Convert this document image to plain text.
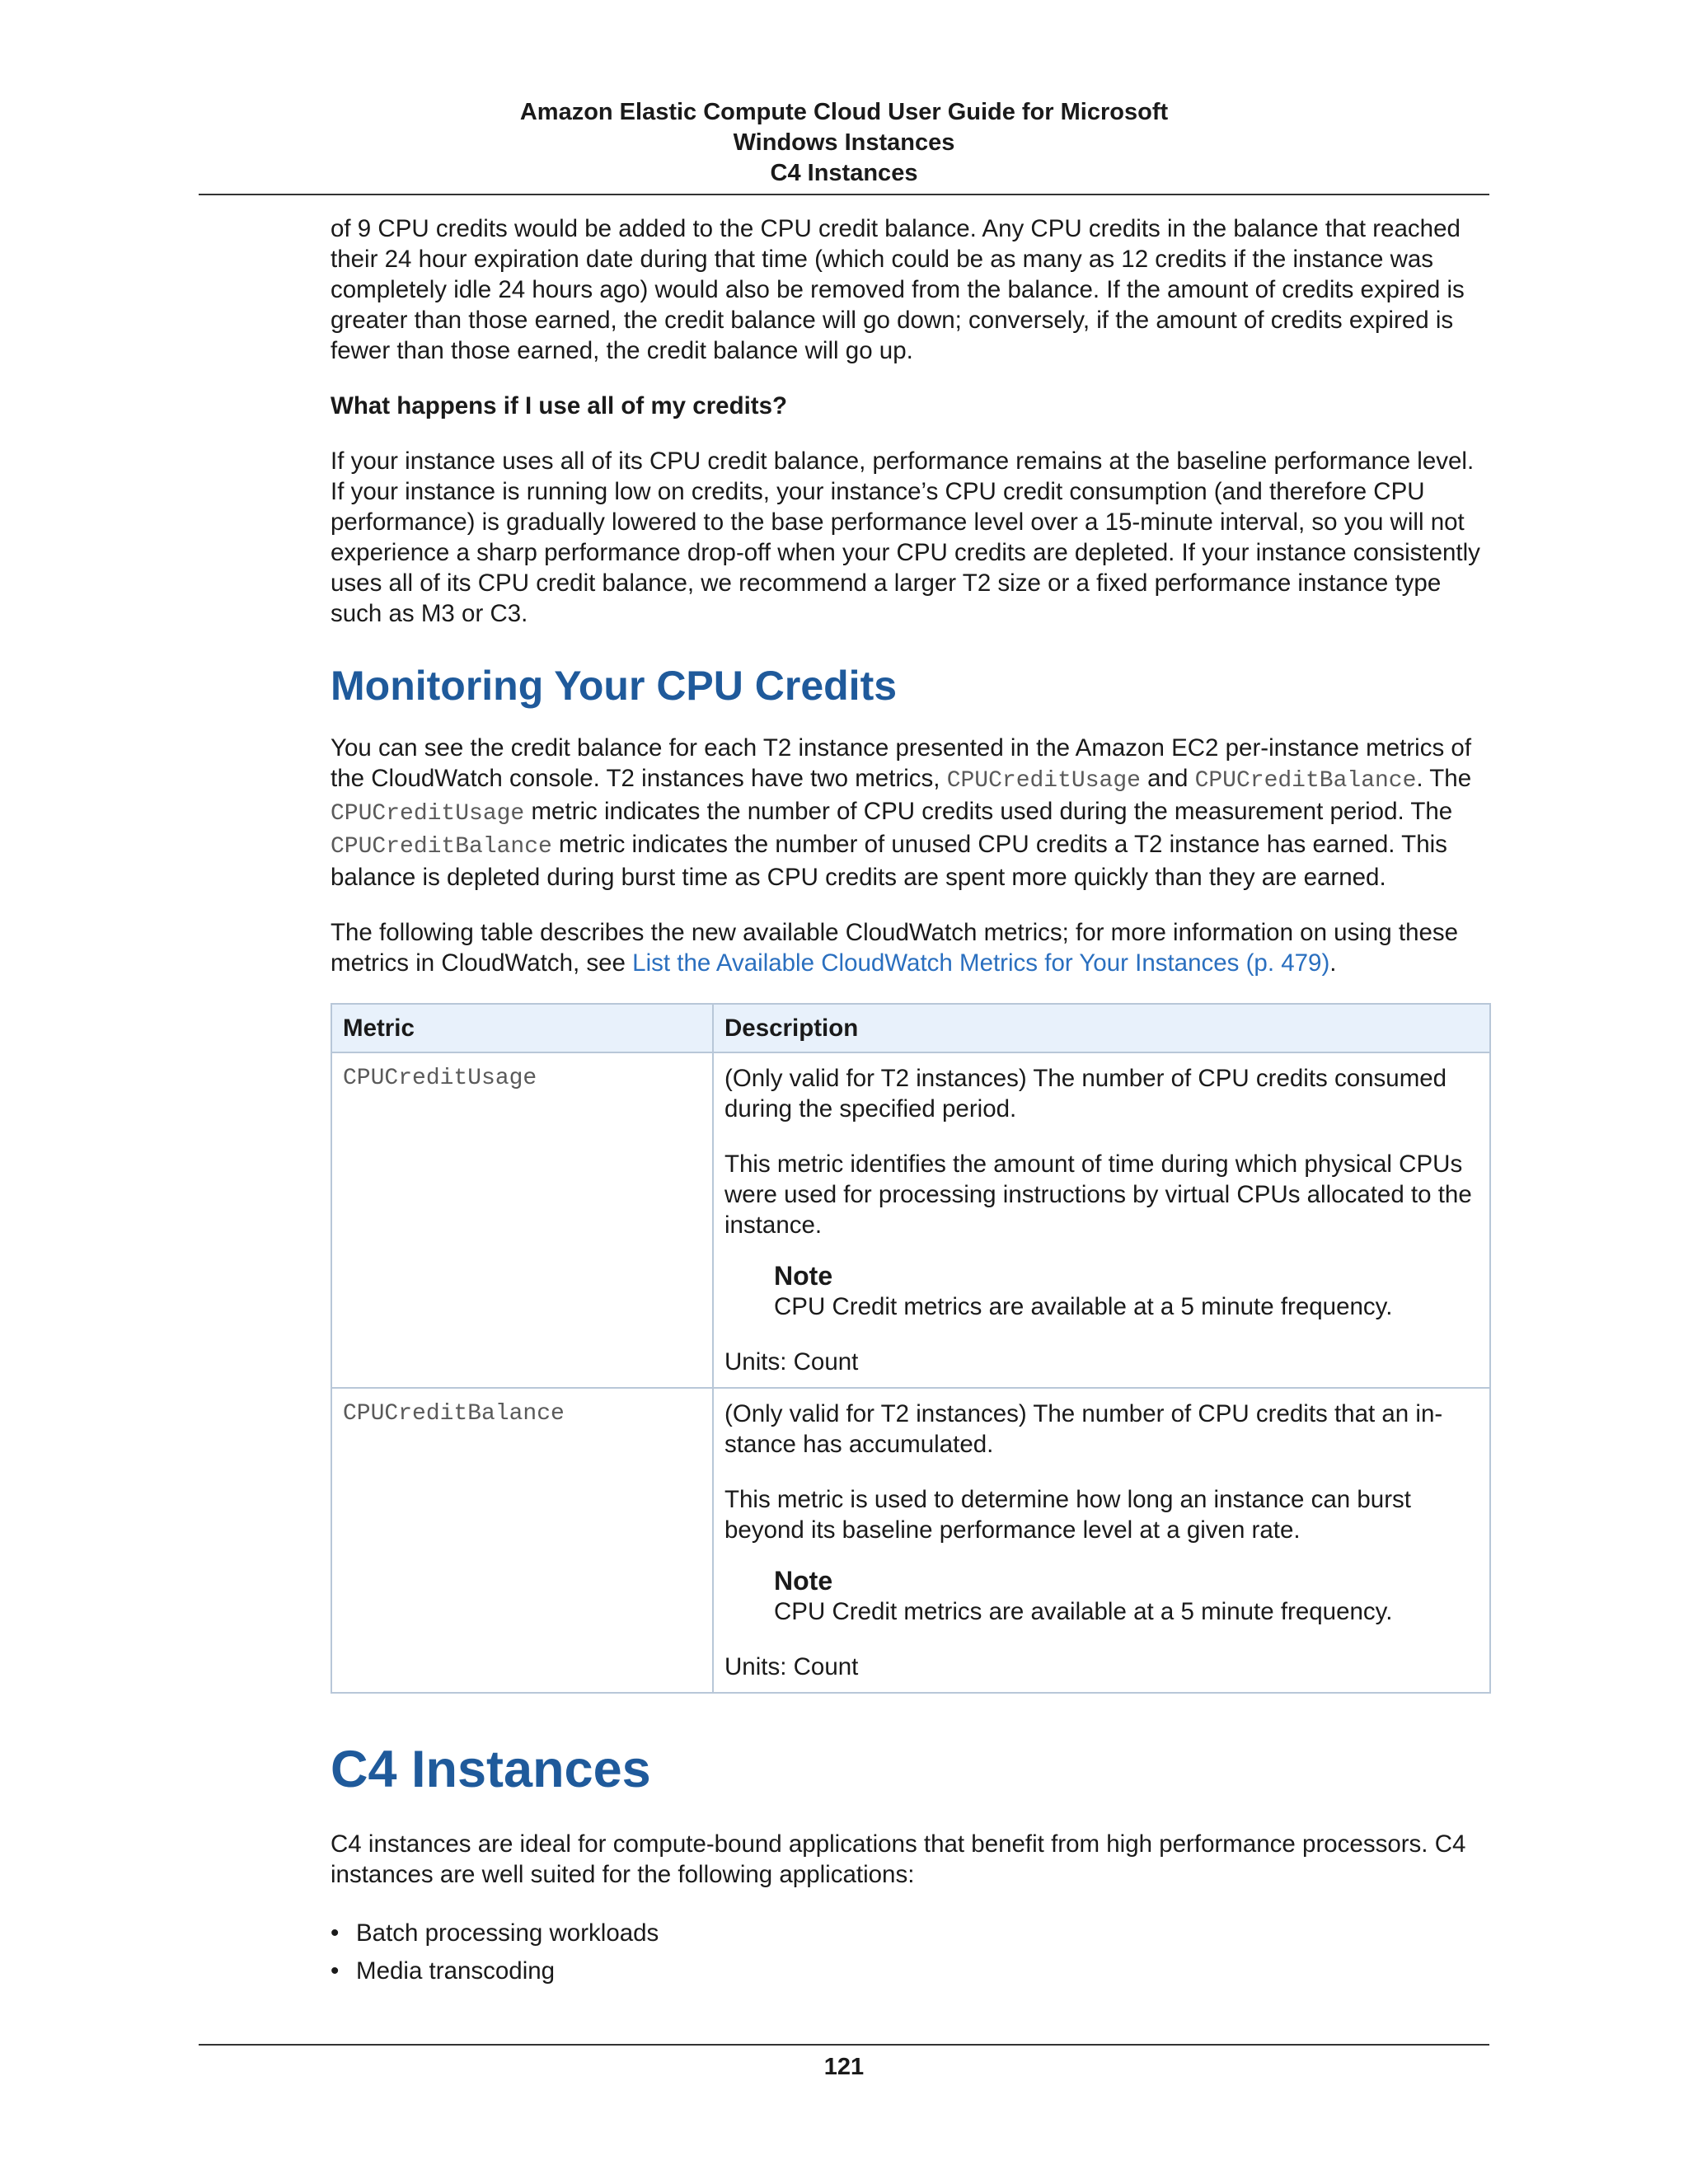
Amazon Elastic Compute Cloud User Guide for Microsoft
Windows Instances
C4 Instances

of 9 CPU credits would be added to the CPU credit balance. Any CPU credits in the balance that reached their 24 hour expiration date during that time (which could be as many as 12 credits if the instance was completely idle 24 hours ago) would also be removed from the balance. If the amount of credits expired is greater than those earned, the credit balance will go down; conversely, if the amount of credits expired is fewer than those earned, the credit balance will go up.

What happens if I use all of my credits?

If your instance uses all of its CPU credit balance, performance remains at the baseline performance level. If your instance is running low on credits, your instance’s CPU credit consumption (and therefore CPU performance) is gradually lowered to the base performance level over a 15-minute interval, so you will not experience a sharp performance drop-off when your CPU credits are depleted. If your instance consistently uses all of its CPU credit balance, we recommend a larger T2 size or a fixed performance instance type such as M3 or C3.

Monitoring Your CPU Credits

You can see the credit balance for each T2 instance presented in the Amazon EC2 per-instance metrics of the CloudWatch console. T2 instances have two metrics, CPUCreditUsage and CPUCreditBalance. The CPUCreditUsage metric indicates the number of CPU credits used during the measurement period. The CPUCreditBalance metric indicates the number of unused CPU credits a T2 instance has earned. This balance is depleted during burst time as CPU credits are spent more quickly than they are earned.

The following table describes the new available CloudWatch metrics; for more information on using these metrics in CloudWatch, see List the Available CloudWatch Metrics for Your Instances (p. 479).

Metric	Description
CPUCreditUsage	(Only valid for T2 instances) The number of CPU credits consumed during the specified period.

This metric identifies the amount of time during which physical CPUs were used for processing instructions by virtual CPUs allocated to the instance.

Note
CPU Credit metrics are available at a 5 minute frequency.

Units: Count

CPUCreditBalance	(Only valid for T2 instances) The number of CPU credits that an in-stance has accumulated.

This metric is used to determine how long an instance can burst beyond its baseline performance level at a given rate.

Note
CPU Credit metrics are available at a 5 minute frequency.

Units: Count

C4 Instances

C4 instances are ideal for compute-bound applications that benefit from high performance processors. C4 instances are well suited for the following applications:

• Batch processing workloads
• Media transcoding
121
